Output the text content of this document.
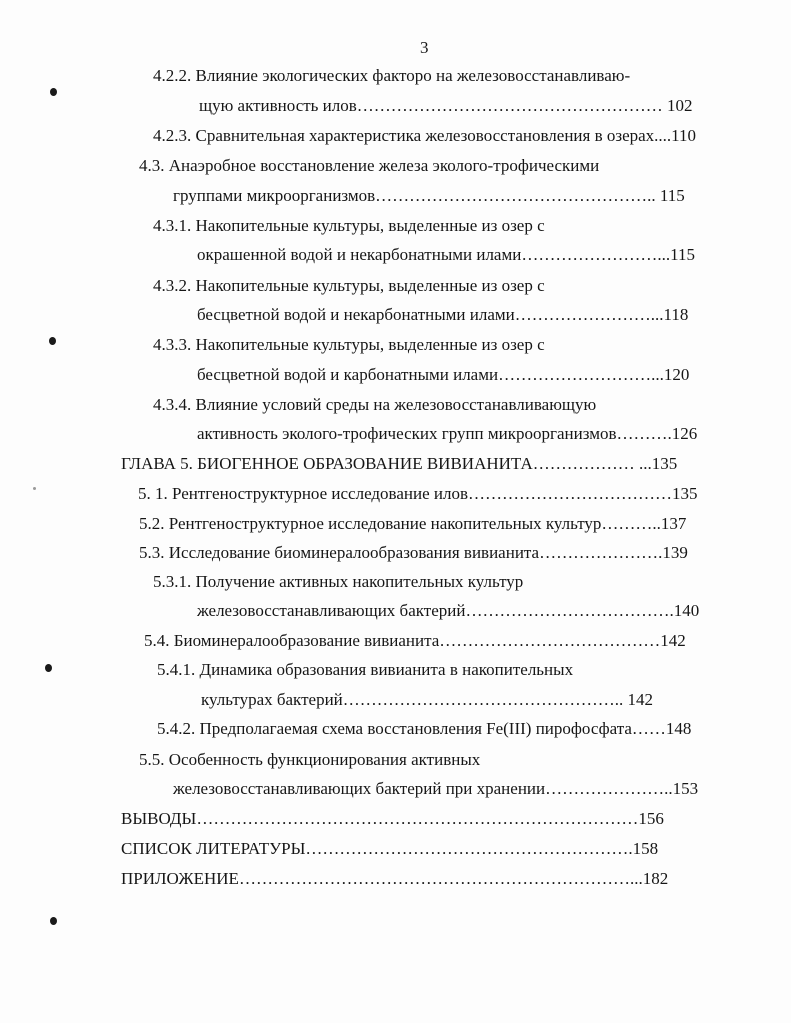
3
4.2.2. Влияние экологических факторо на железовосстанавливаю-
щую активность илов……………………………………………… 102
4.2.3. Сравнительная характеристика железовосстановления в озерах....110
4.3. Анаэробное восстановление железа эколого-трофическими
группами микроорганизмов………………………………………….. 115
4.3.1. Накопительные культуры, выделенные из озер с
окрашенной водой и некарбонатными илами……………………...115
4.3.2. Накопительные культуры, выделенные из озер с
бесцветной водой и некарбонатными илами……………………...118
4.3.3. Накопительные культуры, выделенные из озер с
бесцветной водой и карбонатными илами………………………...120
4.3.4. Влияние условий среды на железовосстанавливающую
активность эколого-трофических групп микроорганизмов……….126
ГЛАВА 5. БИОГЕННОЕ ОБРАЗОВАНИЕ ВИВИАНИТА……………… ...135
5. 1. Рентгеноструктурное исследование илов………………………………135
5.2. Рентгеноструктурное исследование накопительных культур………..137
5.3. Исследование биоминералообразования вивианита………………….139
5.3.1. Получение активных накопительных культур
железовосстанавливающих бактерий……………………………….140
5.4. Биоминералообразование вивианита…………………………………142
5.4.1. Динамика образования вивианита в накопительных
культурах бактерий………………………………………….. 142
5.4.2. Предполагаемая схема восстановления Fe(III) пирофосфата……148
5.5. Особенность функционирования активных
железовосстанавливающих бактерий при хранении…………………..153
ВЫВОДЫ……………………………………………………………………156
СПИСОК ЛИТЕРАТУРЫ………………………………………………….158
ПРИЛОЖЕНИЕ……………………………………………………………...182
